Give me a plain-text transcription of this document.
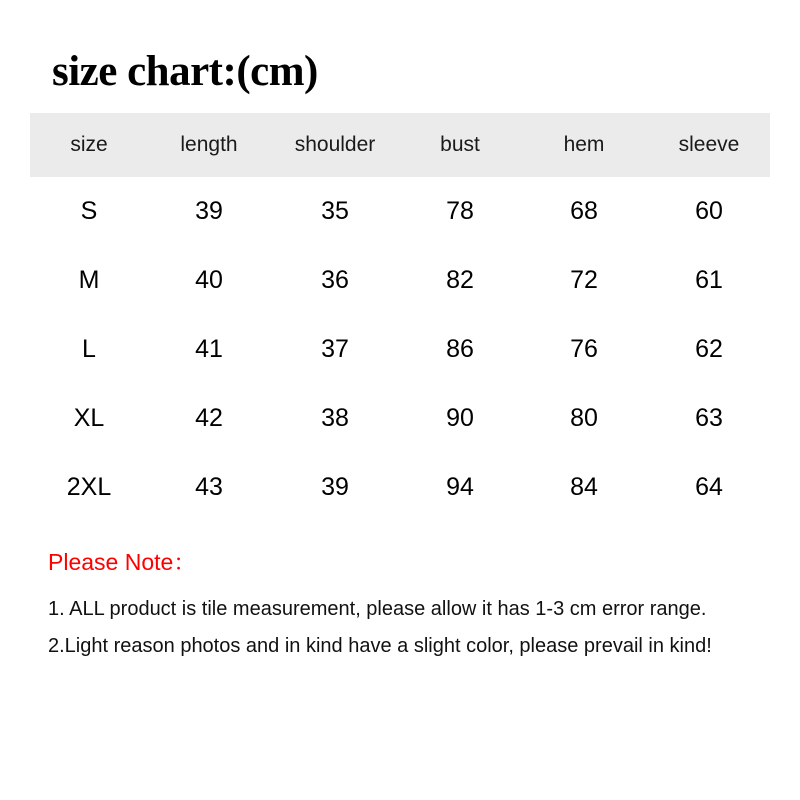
size chart:(cm)
size	length	shoulder	bust	hem	sleeve
S	39	35	78	68	60
M	40	36	82	72	61
L	41	37	86	76	62
XL	42	38	90	80	63
2XL	43	39	94	84	64
Please Note：
1. ALL product is tile measurement, please allow it has 1-3 cm error range.
2.Light reason photos and in kind have a slight color, please prevail in kind!
